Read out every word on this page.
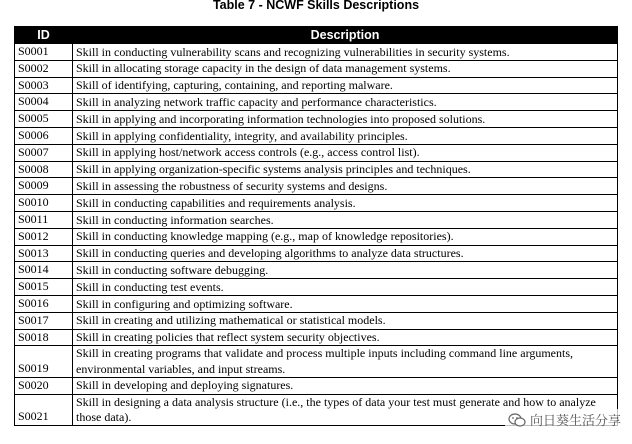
Table 7 - NCWF Skills Descriptions
ID	Description
S0001	Skill in conducting vulnerability scans and recognizing vulnerabilities in security systems.
S0002	Skill in allocating storage capacity in the design of data management systems.
S0003	Skill of identifying, capturing, containing, and reporting malware.
S0004	Skill in analyzing network traffic capacity and performance characteristics.
S0005	Skill in applying and incorporating information technologies into proposed solutions.
S0006	Skill in applying confidentiality, integrity, and availability principles.
S0007	Skill in applying host/network access controls (e.g., access control list).
S0008	Skill in applying organization-specific systems analysis principles and techniques.
S0009	Skill in assessing the robustness of security systems and designs.
S0010	Skill in conducting capabilities and requirements analysis.
S0011	Skill in conducting information searches.
S0012	Skill in conducting knowledge mapping (e.g., map of knowledge repositories).
S0013	Skill in conducting queries and developing algorithms to analyze data structures.
S0014	Skill in conducting software debugging.
S0015	Skill in conducting test events.
S0016	Skill in configuring and optimizing software.
S0017	Skill in creating and utilizing mathematical or statistical models.
S0018	Skill in creating policies that reflect system security objectives.
S0019	Skill in creating programs that validate and process multiple inputs including command line arguments, environmental variables, and input streams.
S0020	Skill in developing and deploying signatures.
S0021	Skill in designing a data analysis structure (i.e., the types of data your test must generate and how to analyze those data).	向日葵生活分享
